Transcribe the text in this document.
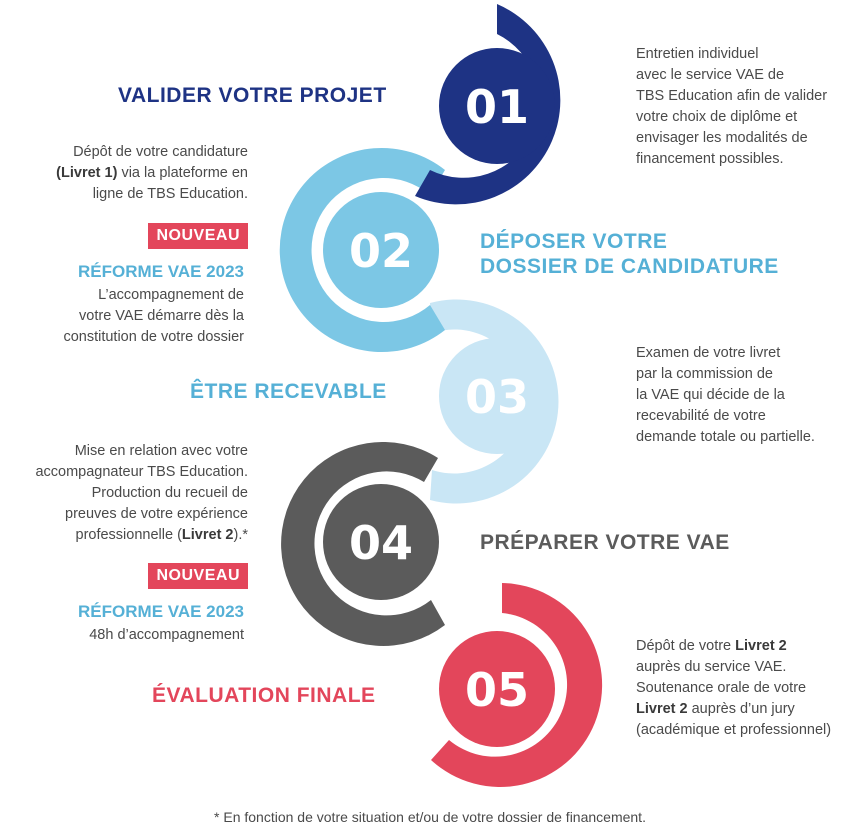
01
02
03
04
05
VALIDER VOTRE PROJET
Entretien individuel
avec le service VAE de
TBS Education afin de valider
votre choix de diplôme et
envisager les modalités de
financement possibles.
Dépôt de votre candidature
(Livret 1) via la plateforme en
ligne de TBS Education.
NOUVEAU
RÉFORME VAE 2023
L’accompagnement de
votre VAE démarre dès la
constitution de votre dossier
DÉPOSER VOTRE
DOSSIER DE CANDIDATURE
ÊTRE RECEVABLE
Examen de votre livret
par la commission de
la VAE qui décide de la
recevabilité de votre
demande totale ou partielle.
Mise en relation avec votre
accompagnateur TBS Education.
Production du recueil de
preuves de votre expérience
professionnelle (Livret 2).*
NOUVEAU
RÉFORME VAE 2023
48h d’accompagnement
PRÉPARER VOTRE VAE
ÉVALUATION FINALE
Dépôt de votre Livret 2
auprès du service VAE.
Soutenance orale de votre
Livret 2 auprès d’un jury
(académique et professionnel)
* En fonction de votre situation et/ou de votre dossier de financement.
